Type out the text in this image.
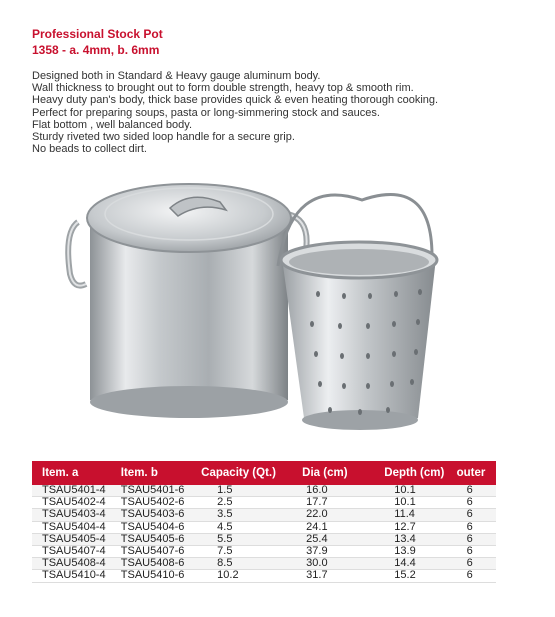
Professional Stock Pot
1358 - a. 4mm, b. 6mm
Designed both in Standard & Heavy gauge aluminum body.
Wall thickness to brought out to form double strength, heavy top & smooth rim.
Heavy duty pan's body, thick base provides quick & even heating thorough cooking.
Perfect for preparing soups, pasta or long-simmering stock and sauces.
Flat bottom , well balanced body.
Sturdy riveted two sided loop handle for a secure grip.
No beads to collect dirt.
Item. a	Item. b	Capacity (Qt.)	Dia (cm)	Depth (cm)	outer
TSAU5401-4	TSAU5401-6	1.5	16.0	10.1	6
TSAU5402-4	TSAU5402-6	2.5	17.7	10.1	6
TSAU5403-4	TSAU5403-6	3.5	22.0	11.4	6
TSAU5404-4	TSAU5404-6	4.5	24.1	12.7	6
TSAU5405-4	TSAU5405-6	5.5	25.4	13.4	6
TSAU5407-4	TSAU5407-6	7.5	37.9	13.9	6
TSAU5408-4	TSAU5408-6	8.5	30.0	14.4	6
TSAU5410-4	TSAU5410-6	10.2	31.7	15.2	6
